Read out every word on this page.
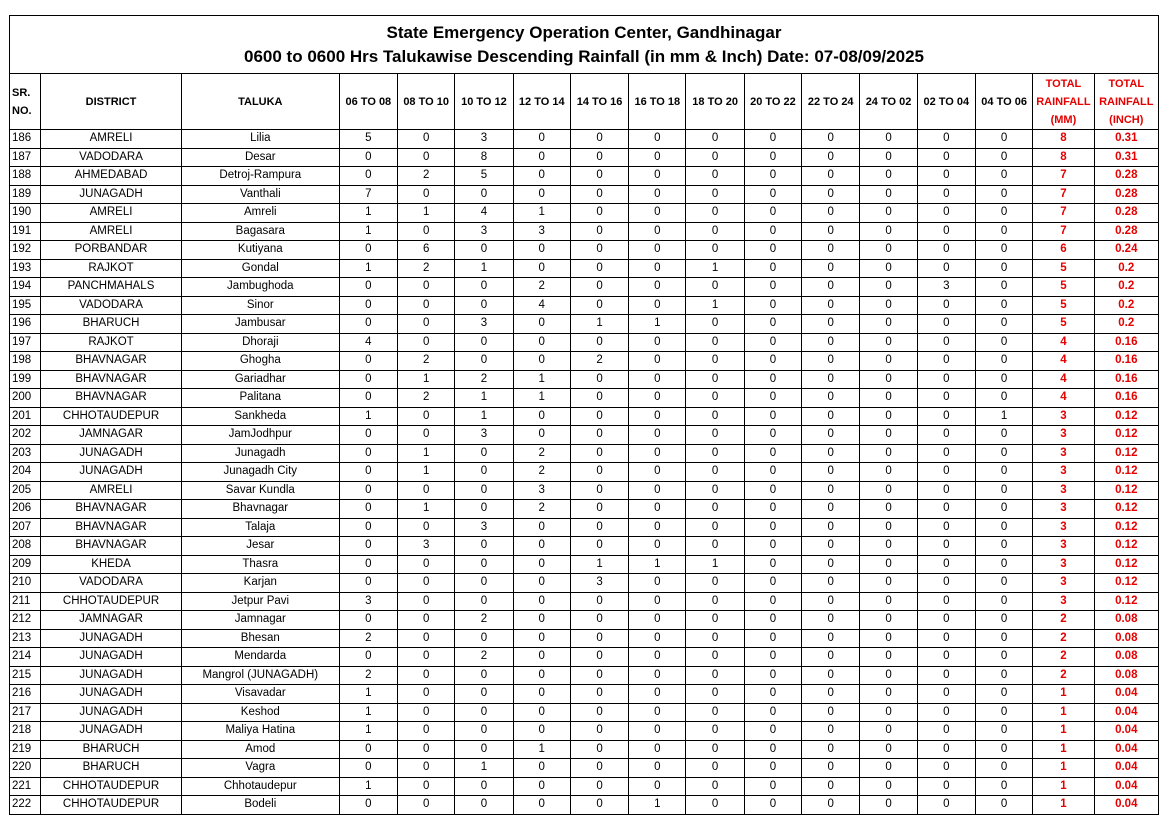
State Emergency Operation Center, Gandhinagar
0600 to 0600 Hrs Talukawise Descending Rainfall (in mm & Inch) Date: 07-08/09/2025
SR. NO.	DISTRICT	TALUKA	06 TO 08	08 TO 10	10 TO 12	12 TO 14	14 TO 16	16 TO 18	18 TO 20	20 TO 22	22 TO 24	24 TO 02	02 TO 04	04 TO 06	TOTAL RAINFALL (MM)	TOTAL RAINFALL (INCH)
186	AMRELI	Lilia	5	0	3	0	0	0	0	0	0	0	0	0	8	0.31
187	VADODARA	Desar	0	0	8	0	0	0	0	0	0	0	0	0	8	0.31
188	AHMEDABAD	Detroj-Rampura	0	2	5	0	0	0	0	0	0	0	0	0	7	0.28
189	JUNAGADH	Vanthali	7	0	0	0	0	0	0	0	0	0	0	0	7	0.28
190	AMRELI	Amreli	1	1	4	1	0	0	0	0	0	0	0	0	7	0.28
191	AMRELI	Bagasara	1	0	3	3	0	0	0	0	0	0	0	0	7	0.28
192	PORBANDAR	Kutiyana	0	6	0	0	0	0	0	0	0	0	0	0	6	0.24
193	RAJKOT	Gondal	1	2	1	0	0	0	1	0	0	0	0	0	5	0.2
194	PANCHMAHALS	Jambughoda	0	0	0	2	0	0	0	0	0	0	3	0	5	0.2
195	VADODARA	Sinor	0	0	0	4	0	0	1	0	0	0	0	0	5	0.2
196	BHARUCH	Jambusar	0	0	3	0	1	1	0	0	0	0	0	0	5	0.2
197	RAJKOT	Dhoraji	4	0	0	0	0	0	0	0	0	0	0	0	4	0.16
198	BHAVNAGAR	Ghogha	0	2	0	0	2	0	0	0	0	0	0	0	4	0.16
199	BHAVNAGAR	Gariadhar	0	1	2	1	0	0	0	0	0	0	0	0	4	0.16
200	BHAVNAGAR	Palitana	0	2	1	1	0	0	0	0	0	0	0	0	4	0.16
201	CHHOTAUDEPUR	Sankheda	1	0	1	0	0	0	0	0	0	0	0	1	3	0.12
202	JAMNAGAR	JamJodhpur	0	0	3	0	0	0	0	0	0	0	0	0	3	0.12
203	JUNAGADH	Junagadh	0	1	0	2	0	0	0	0	0	0	0	0	3	0.12
204	JUNAGADH	Junagadh City	0	1	0	2	0	0	0	0	0	0	0	0	3	0.12
205	AMRELI	Savar Kundla	0	0	0	3	0	0	0	0	0	0	0	0	3	0.12
206	BHAVNAGAR	Bhavnagar	0	1	0	2	0	0	0	0	0	0	0	0	3	0.12
207	BHAVNAGAR	Talaja	0	0	3	0	0	0	0	0	0	0	0	0	3	0.12
208	BHAVNAGAR	Jesar	0	3	0	0	0	0	0	0	0	0	0	0	3	0.12
209	KHEDA	Thasra	0	0	0	0	1	1	1	0	0	0	0	0	3	0.12
210	VADODARA	Karjan	0	0	0	0	3	0	0	0	0	0	0	0	3	0.12
211	CHHOTAUDEPUR	Jetpur Pavi	3	0	0	0	0	0	0	0	0	0	0	0	3	0.12
212	JAMNAGAR	Jamnagar	0	0	2	0	0	0	0	0	0	0	0	0	2	0.08
213	JUNAGADH	Bhesan	2	0	0	0	0	0	0	0	0	0	0	0	2	0.08
214	JUNAGADH	Mendarda	0	0	2	0	0	0	0	0	0	0	0	0	2	0.08
215	JUNAGADH	Mangrol (JUNAGADH)	2	0	0	0	0	0	0	0	0	0	0	0	2	0.08
216	JUNAGADH	Visavadar	1	0	0	0	0	0	0	0	0	0	0	0	1	0.04
217	JUNAGADH	Keshod	1	0	0	0	0	0	0	0	0	0	0	0	1	0.04
218	JUNAGADH	Maliya Hatina	1	0	0	0	0	0	0	0	0	0	0	0	1	0.04
219	BHARUCH	Amod	0	0	0	1	0	0	0	0	0	0	0	0	1	0.04
220	BHARUCH	Vagra	0	0	1	0	0	0	0	0	0	0	0	0	1	0.04
221	CHHOTAUDEPUR	Chhotaudepur	1	0	0	0	0	0	0	0	0	0	0	0	1	0.04
222	CHHOTAUDEPUR	Bodeli	0	0	0	0	0	1	0	0	0	0	0	0	1	0.04
